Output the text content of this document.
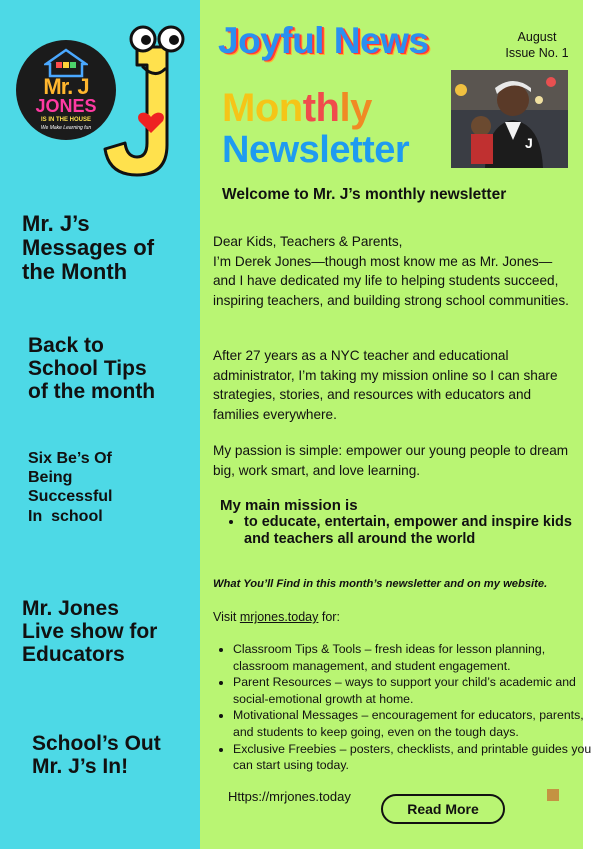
Mr. J
JONES
IS IN THE HOUSE
We Make Learning fun
Mr. J’s
Messages of
the Month
Back to
School Tips
of the month
Six Be’s Of
Being
Successful
In  school
Mr. Jones
Live show for
Educators
School’s Out
Mr. J’s In!
Joyful News	August
Issue No. 1
Monthly
Newsletter	J
Welcome to Mr. J’s monthly newsletter

Dear Kids, Teachers & Parents,
I’m Derek Jones—though most know me as Mr. Jones—and I have dedicated my life to helping students succeed, inspiring teachers, and building strong school communities.

After 27 years as a NYC teacher and educational administrator, I’m taking my mission online so I can share strategies, stories, and resources with educators and families everywhere.

My passion is simple: empower our young people to dream big, work smart, and love learning.

My main mission is
• to educate, entertain, empower and inspire kids and teachers all around the world
What You’ll Find in this month’s newsletter and on my website.
Visit mrjones.today for:
• Classroom Tips & Tools – fresh ideas for lesson planning, classroom management, and student engagement.
• Parent Resources – ways to support your child’s academic and social-emotional growth at home.
• Motivational Messages – encouragement for educators, parents, and students to keep going, even on the tough days.
• Exclusive Freebies – posters, checklists, and printable guides you can start using today.
Https://mrjones.today
Read More
